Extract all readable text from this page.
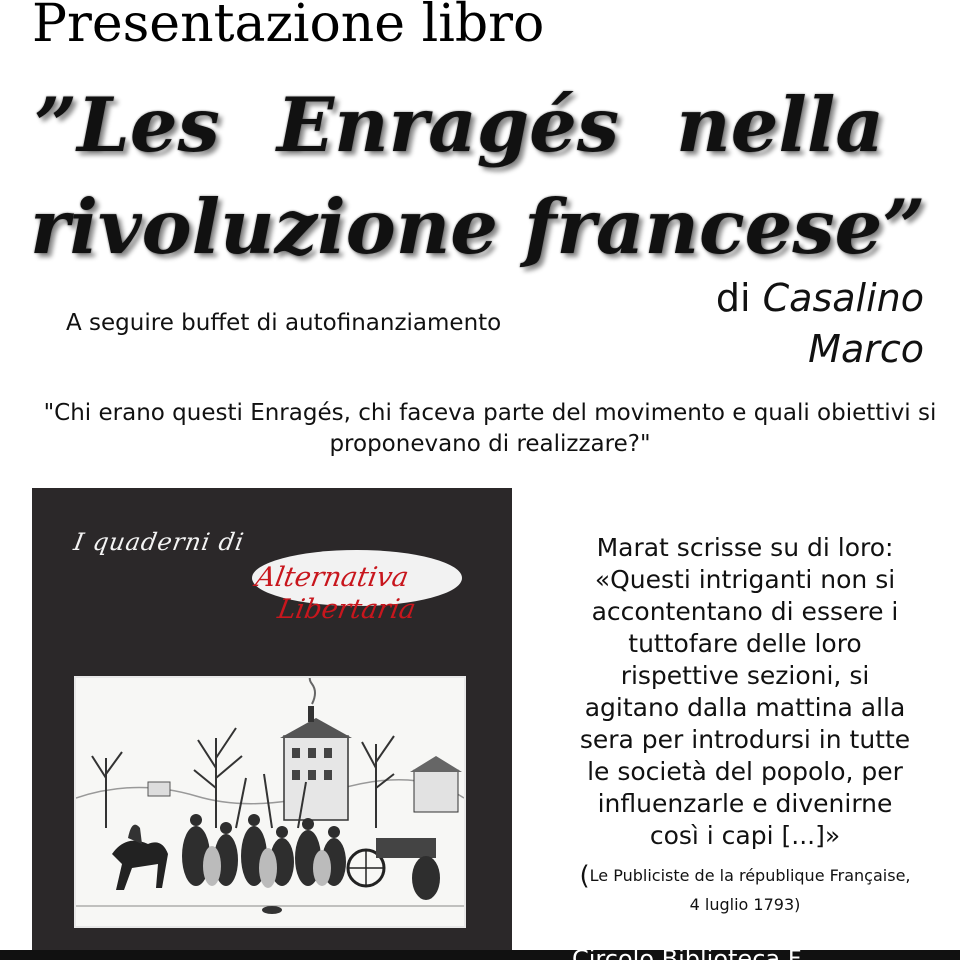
Presentazione libro
”Les Enragés nella
rivoluzione francese”
di Casalino
Marco
A seguire buffet di autofinanziamento
"Chi erano questi Enragés, chi faceva parte del movimento e quali obiettivi si proponevano di realizzare?"
I quaderni di
Alternativa
Libertaria
Marat scrisse su di loro:
«Questi intriganti non si
accontentano di essere i
tuttofare delle loro
rispettive sezioni, si
agitano dalla mattina alla
sera per introdursi in tutte
le società del popolo, per
influenzarle e divenirne
così i capi [...]»
(Le Publiciste de la république Française,
4 luglio 1793)
Circolo Biblioteca F
